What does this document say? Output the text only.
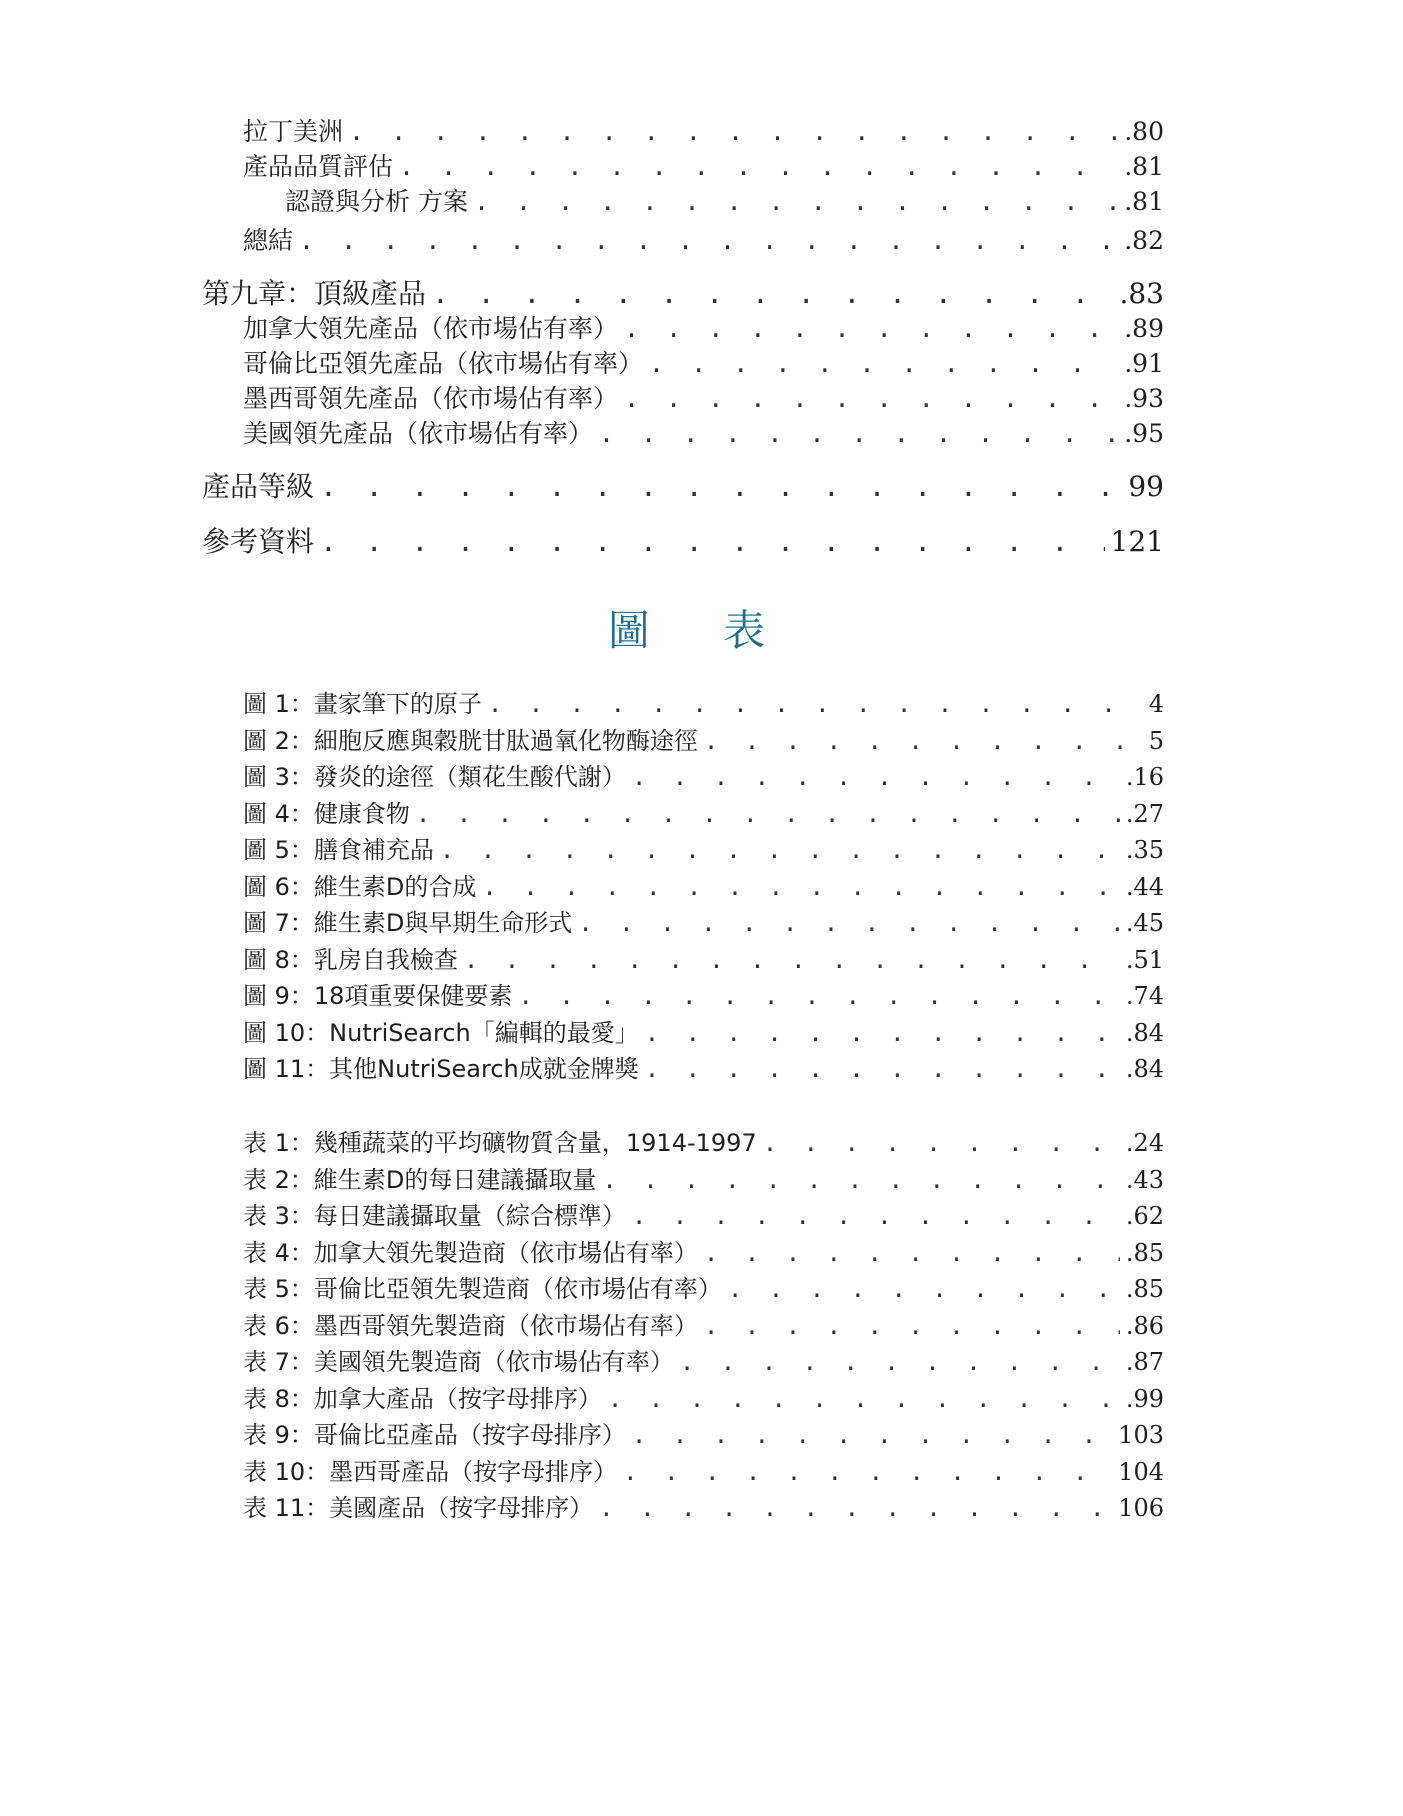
拉丁美洲 . . .	.80
產品品質評估 . . .	.81
認證與分析 方案 . . .	.81
總結 . . .	.82
第九章：頂級產品 . . .	.83
加拿大領先產品（依市場佔有率） . . .	.89
哥倫比亞領先產品（依市場佔有率） . . .	.91
墨西哥領先產品（依市場佔有率） . . .	.93
美國領先產品（依市場佔有率） . . .	.95
產品等級 . . .	99
參考資料 . . .	121
圖 表
圖 1：畫家筆下的原子 . . .	4
圖 2：細胞反應與穀胱甘肽過氧化物酶途徑 . . .	5
圖 3：發炎的途徑（類花生酸代謝） . . .	.16
圖 4：健康食物 . . .	.27
圖 5：膳食補充品 . . .	.35
圖 6：維生素D的合成 . . .	.44
圖 7：維生素D與早期生命形式 . . .	.45
圖 8：乳房自我檢查 . . .	.51
圖 9：18項重要保健要素 . . .	.74
圖 10：NutriSearch「編輯的最愛」 . . .	.84
圖 11：其他NutriSearch成就金牌獎 . . .	.84
表 1：幾種蔬菜的平均礦物質含量，1914-1997 . . .	.24
表 2：維生素D的每日建議攝取量 . . .	.43
表 3：每日建議攝取量（綜合標準） . . .	.62
表 4：加拿大領先製造商（依市場佔有率） . . .	.85
表 5：哥倫比亞領先製造商（依市場佔有率） . . .	.85
表 6：墨西哥領先製造商（依市場佔有率） . . .	.86
表 7：美國領先製造商（依市場佔有率） . . .	.87
表 8：加拿大產品（按字母排序） . . .	.99
表 9：哥倫比亞產品（按字母排序） . . .	103
表 10：墨西哥產品（按字母排序） . . .	104
表 11：美國產品（按字母排序） . . .	106
